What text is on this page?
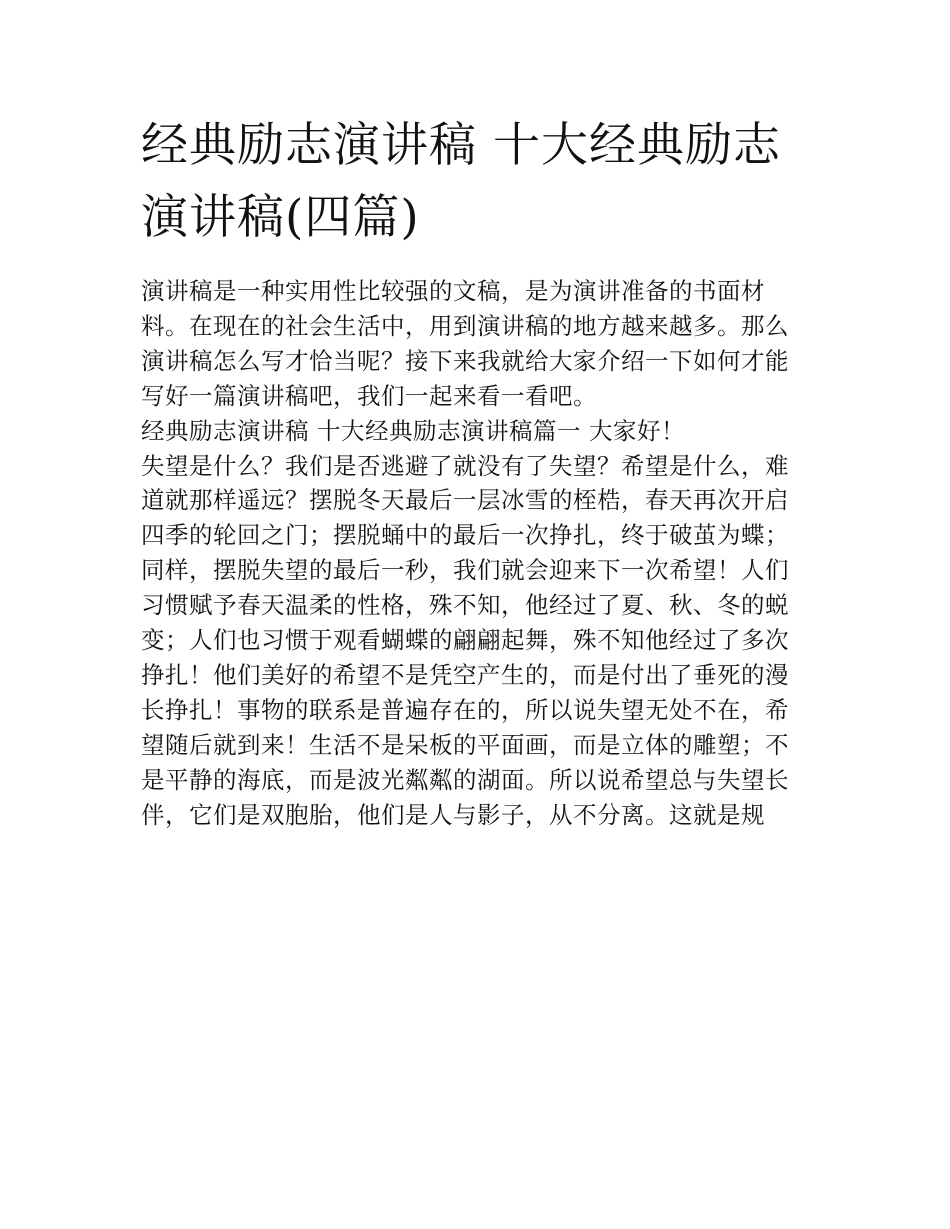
经典励志演讲稿 十大经典励志演讲稿(四篇)

演讲稿是一种实用性比较强的文稿，是为演讲准备的书面材料。在现在的社会生活中，用到演讲稿的地方越来越多。那么演讲稿怎么写才恰当呢？接下来我就给大家介绍一下如何才能写好一篇演讲稿吧，我们一起来看一看吧。

经典励志演讲稿 十大经典励志演讲稿篇一 大家好！

失望是什么？我们是否逃避了就没有了失望？希望是什么，难道就那样遥远？摆脱冬天最后一层冰雪的桎梏，春天再次开启四季的轮回之门；摆脱蛹中的最后一次挣扎，终于破茧为蝶；同样，摆脱失望的最后一秒，我们就会迎来下一次希望！人们习惯赋予春天温柔的性格，殊不知，他经过了夏、秋、冬的蜕变；人们也习惯于观看蝴蝶的翩翩起舞，殊不知他经过了多次挣扎！他们美好的希望不是凭空产生的，而是付出了垂死的漫长挣扎！事物的联系是普遍存在的，所以说失望无处不在，希望随后就到来！生活不是呆板的平面画，而是立体的雕塑；不是平静的海底，而是波光粼粼的湖面。所以说希望总与失望长伴，它们是双胞胎，他们是人与影子，从不分离。这就是规
